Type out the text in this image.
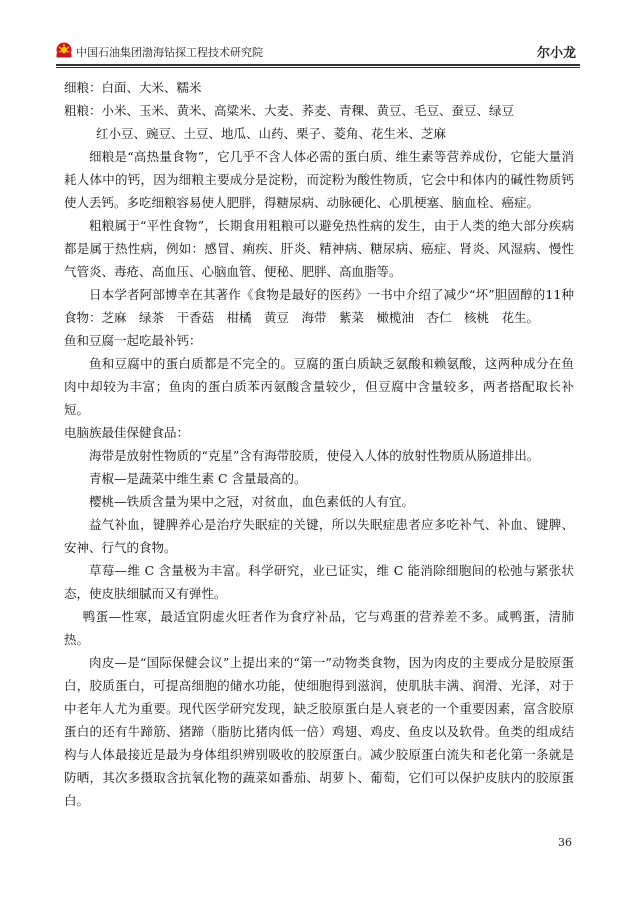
中国石油集团渤海钻探工程技术研究院	尔小龙

细粮：白面、大米、糯米

粗粮：小米、玉米、黄米、高粱米、大麦、荞麦、青稞、黄豆、毛豆、蚕豆、绿豆

红小豆、豌豆、土豆、地瓜、山药、栗子、菱角、花生米、芝麻

细粮是“高热量食物”，它几乎不含人体必需的蛋白质、维生素等营养成份，它能大量消耗人体中的钙，因为细粮主要成分是淀粉，而淀粉为酸性物质，它会中和体内的碱性物质钙使人丢钙。多吃细粮容易使人肥胖，得糖尿病、动脉硬化、心肌梗塞、脑血栓、癌症。

粗粮属于“平性食物”，长期食用粗粮可以避免热性病的发生，由于人类的绝大部分疾病都是属于热性病，例如：感冒、痢疾、肝炎、精神病、糖尿病、癌症、肾炎、风湿病、慢性气管炎、毒疮、高血压、心脑血管、便秘、肥胖、高血脂等。

日本学者阿部博幸在其著作《食物是最好的医药》一书中介绍了减少“坏”胆固醇的11种食物：芝麻　绿茶　干香菇　柑橘　黄豆　海带　紫菜　橄榄油　杏仁　核桃　花生。

鱼和豆腐一起吃最补钙：

鱼和豆腐中的蛋白质都是不完全的。豆腐的蛋白质缺乏氨酸和赖氨酸，这两种成分在鱼肉中却较为丰富；鱼肉的蛋白质苯丙氨酸含量较少，但豆腐中含量较多，两者搭配取长补短。

电脑族最佳保健食品：

海带是放射性物质的“克星”含有海带胶质，使侵入人体的放射性物质从肠道排出。

青椒—是蔬菜中维生素 C 含量最高的。

樱桃—铁质含量为果中之冠，对贫血，血色素低的人有宜。

益气补血，键脾养心是治疗失眠症的关键，所以失眠症患者应多吃补气、补血、键脾、安神、行气的食物。

草莓—维 C 含量极为丰富。科学研究，业已证实，维 C 能消除细胞间的松弛与紧张状态，使皮肤细腻而又有弹性。

鸭蛋—性寒，最适宜阴虚火旺者作为食疗补品，它与鸡蛋的营养差不多。咸鸭蛋，清肺热。

肉皮—是“国际保健会议”上提出来的“第一”动物类食物，因为肉皮的主要成分是胶原蛋白，胶质蛋白，可提高细胞的储水功能，使细胞得到滋润，使肌肤丰满、润滑、光泽，对于中老年人尤为重要。现代医学研究发现，缺乏胶原蛋白是人衰老的一个重要因素，富含胶原蛋白的还有牛蹄筋、猪蹄（脂肪比猪肉低一倍）鸡翅、鸡皮、鱼皮以及软骨。鱼类的组成结构与人体最接近是最为身体组织辨别吸收的胶原蛋白。减少胶原蛋白流失和老化第一条就是防晒，其次多摄取含抗氧化物的蔬菜如番茄、胡萝卜、葡萄，它们可以保护皮肤内的胶原蛋白。

36
